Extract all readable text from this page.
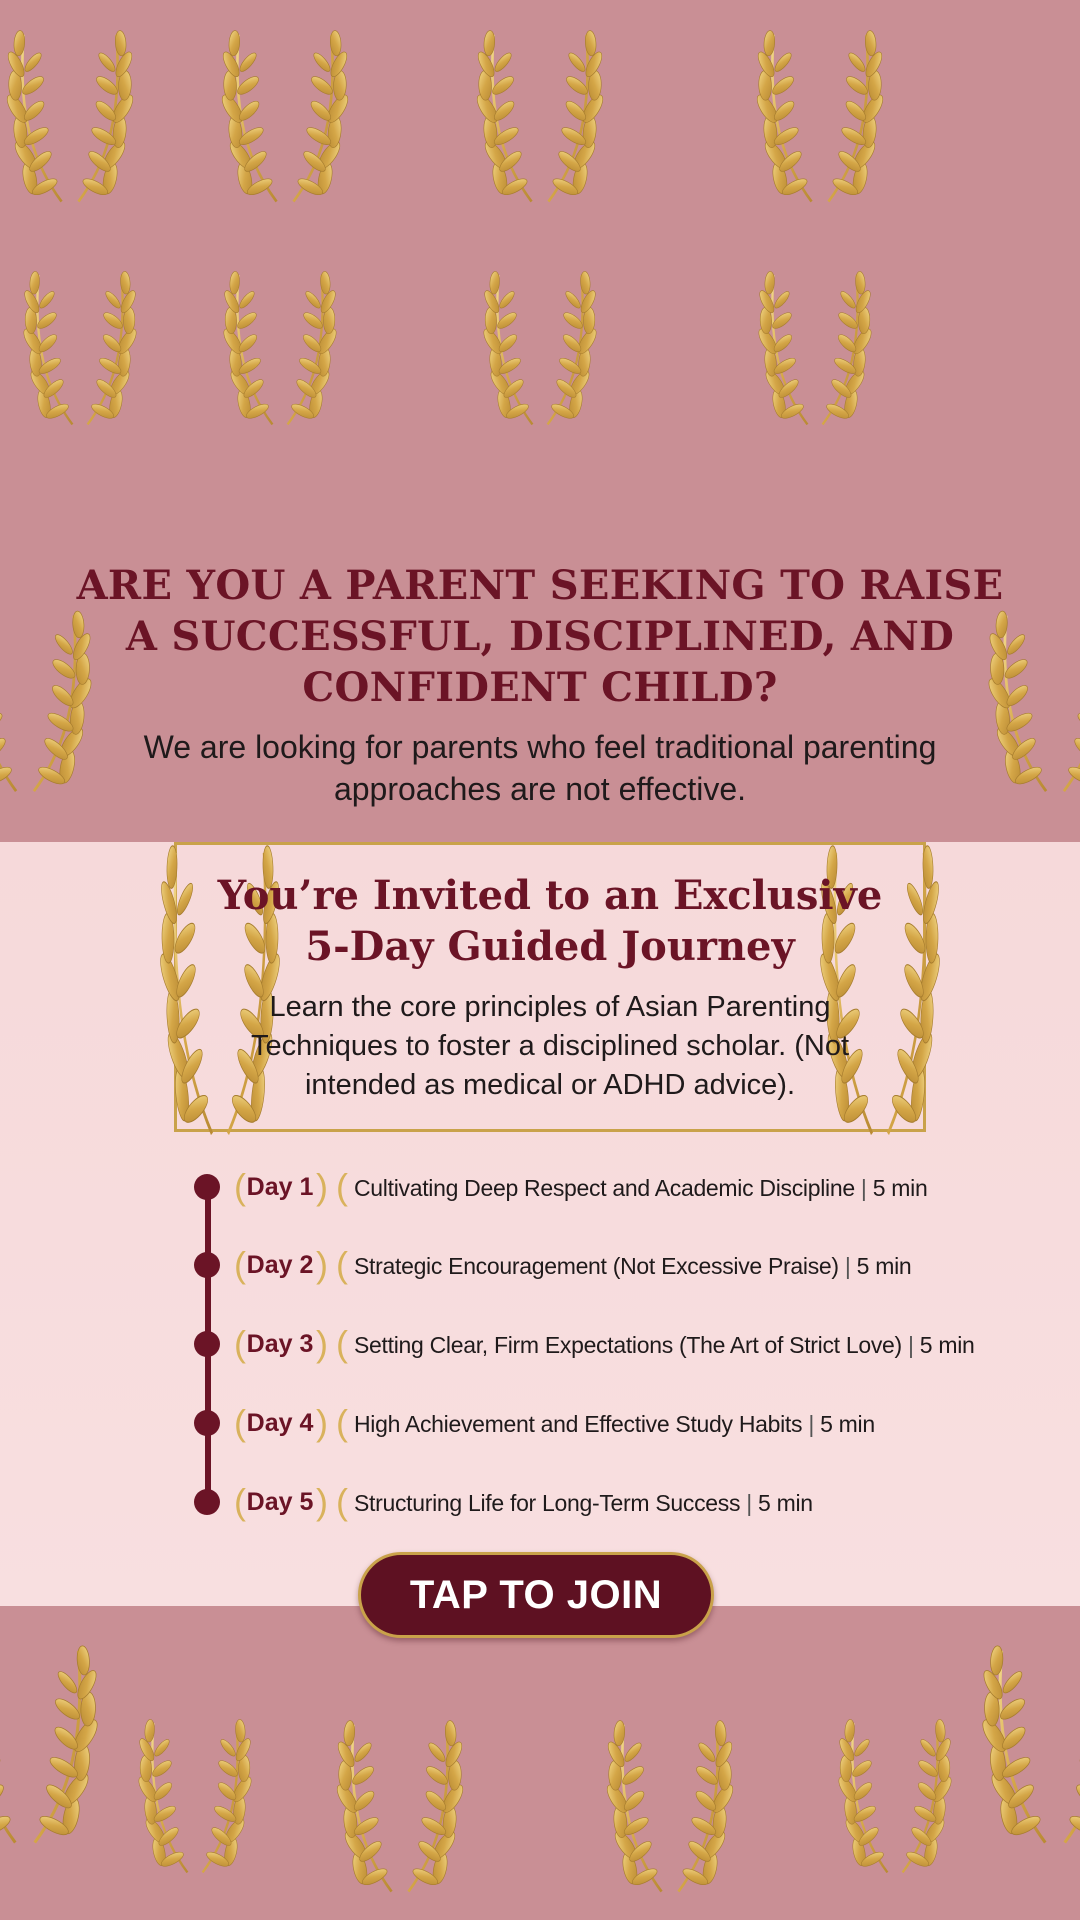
ARE YOU A PARENT SEEKING TO RAISE A SUCCESSFUL, DISCIPLINED, AND CONFIDENT CHILD?

We are looking for parents who feel traditional parenting approaches are not effective.

You’re Invited to an Exclusive 5-Day Guided Journey

Learn the core principles of Asian Parenting Techniques to foster a disciplined scholar. (Not intended as medical or ADHD advice).

( Day 1 ) ( Cultivating Deep Respect and Academic Discipline | 5 min
( Day 2 ) ( Strategic Encouragement (Not Excessive Praise) | 5 min
( Day 3 ) ( Setting Clear, Firm Expectations (The Art of Strict Love) | 5 min
( Day 4 ) ( High Achievement and Effective Study Habits | 5 min
( Day 5 ) ( Structuring Life for Long-Term Success | 5 min
TAP TO JOIN
